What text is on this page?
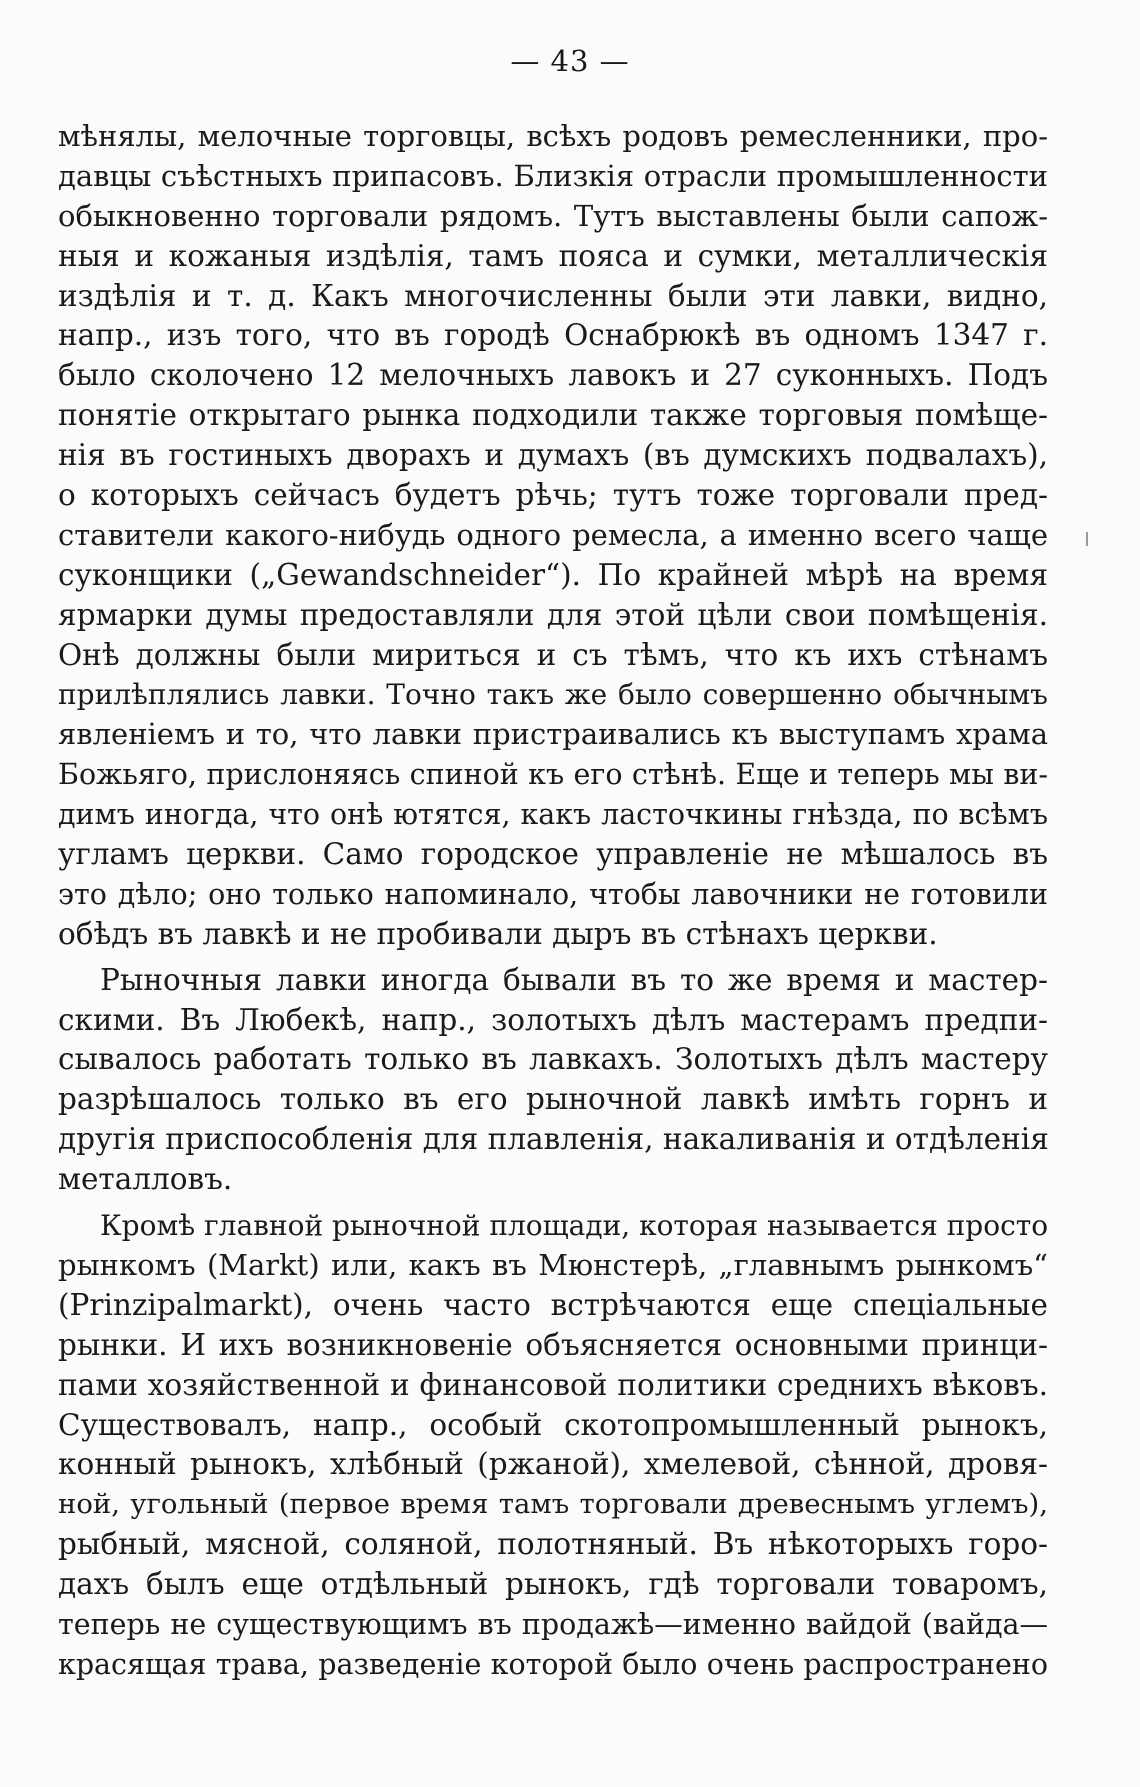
— 43 —
мѣнялы, мелочные торговцы, всѣхъ родовъ ремесленники, про-
давцы съѣстныхъ припасовъ. Близкія отрасли промышленности
обыкновенно торговали рядомъ. Тутъ выставлены были сапож-
ныя и кожаныя издѣлія, тамъ пояса и сумки, металлическія
издѣлія и т. д. Какъ многочисленны были эти лавки, видно,
напр., изъ того, что въ городѣ Оснабрюкѣ въ одномъ 1347 г.
было сколочено 12 мелочныхъ лавокъ и 27 суконныхъ. Подъ
понятіе открытаго рынка подходили также торговыя помѣще-
нія въ гостиныхъ дворахъ и думахъ (въ думскихъ подвалахъ),
о которыхъ сейчасъ будетъ рѣчь; тутъ тоже торговали пред-
ставители какого-нибудь одного ремесла, а именно всего чаще
суконщики („Gewandschneider“). По крайней мѣрѣ на время
ярмарки думы предоставляли для этой цѣли свои помѣщенія.
Онѣ должны были мириться и съ тѣмъ, что къ ихъ стѣнамъ
прилѣплялись лавки. Точно такъ же было совершенно обычнымъ
явленіемъ и то, что лавки пристраивались къ выступамъ храма
Божьяго, прислоняясь спиной къ его стѣнѣ. Еще и теперь мы ви-
димъ иногда, что онѣ ютятся, какъ ласточкины гнѣзда, по всѣмъ
угламъ церкви. Само городское управленіе не мѣшалось въ
это дѣло; оно только напоминало, чтобы лавочники не готовили
обѣдъ въ лавкѣ и не пробивали дыръ въ стѣнахъ церкви.
Рыночныя лавки иногда бывали въ то же время и мастер-
скими. Въ Любекѣ, напр., золотыхъ дѣлъ мастерамъ предпи-
сывалось работать только въ лавкахъ. Золотыхъ дѣлъ мастеру
разрѣшалось только въ его рыночной лавкѣ имѣть горнъ и
другія приспособленія для плавленія, накаливанія и отдѣленія
металловъ.
Кромѣ главной рыночной площади, которая называется просто
рынкомъ (Markt) или, какъ въ Мюнстерѣ, „главнымъ рынкомъ“
(Prinzipalmarkt), очень часто встрѣчаются еще спеціальные
рынки. И ихъ возникновеніе объясняется основными принци-
пами хозяйственной и финансовой политики среднихъ вѣковъ.
Существовалъ, напр., особый скотопромышленный рынокъ,
конный рынокъ, хлѣбный (ржаной), хмелевой, сѣнной, дровя-
ной, угольный (первое время тамъ торговали древеснымъ углемъ),
рыбный, мясной, соляной, полотняный. Въ нѣкоторыхъ горо-
дахъ былъ еще отдѣльный рынокъ, гдѣ торговали товаромъ,
теперь не существующимъ въ продажѣ—именно вайдой (вайда—
красящая трава, разведеніе которой было очень распространено
